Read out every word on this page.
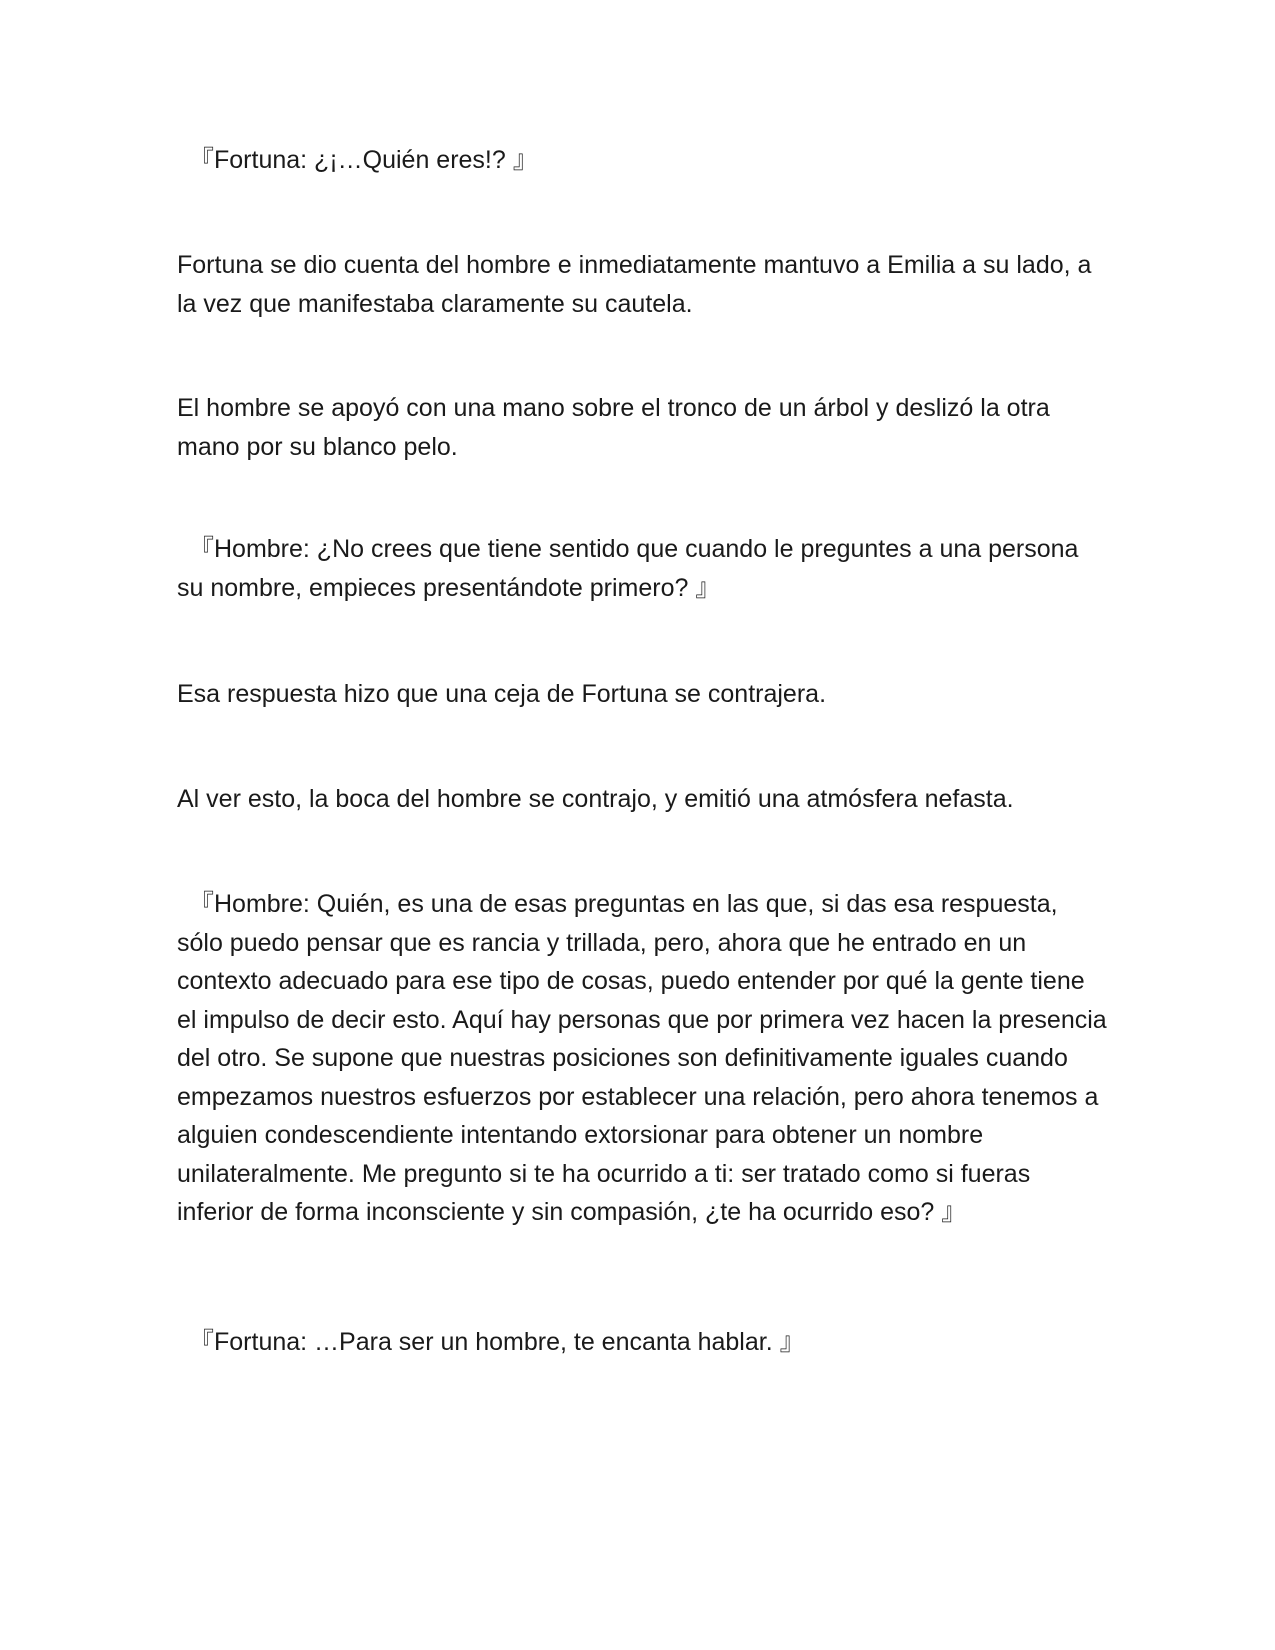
『Fortuna: ¿¡…Quién eres!? 』

Fortuna se dio cuenta del hombre e inmediatamente mantuvo a Emilia a su lado, a la vez que manifestaba claramente su cautela.

El hombre se apoyó con una mano sobre el tronco de un árbol y deslizó la otra mano por su blanco pelo.

『Hombre: ¿No crees que tiene sentido que cuando le preguntes a una persona su nombre, empieces presentándote primero? 』

Esa respuesta hizo que una ceja de Fortuna se contrajera.

Al ver esto, la boca del hombre se contrajo, y emitió una atmósfera nefasta.

『Hombre: Quién, es una de esas preguntas en las que, si das esa respuesta, sólo puedo pensar que es rancia y trillada, pero, ahora que he entrado en un contexto adecuado para ese tipo de cosas, puedo entender por qué la gente tiene el impulso de decir esto. Aquí hay personas que por primera vez hacen la presencia del otro. Se supone que nuestras posiciones son definitivamente iguales cuando empezamos nuestros esfuerzos por establecer una relación, pero ahora tenemos a alguien condescendiente intentando extorsionar para obtener un nombre unilateralmente. Me pregunto si te ha ocurrido a ti: ser tratado como si fueras inferior de forma inconsciente y sin compasión, ¿te ha ocurrido eso? 』

『Fortuna: …Para ser un hombre, te encanta hablar. 』
